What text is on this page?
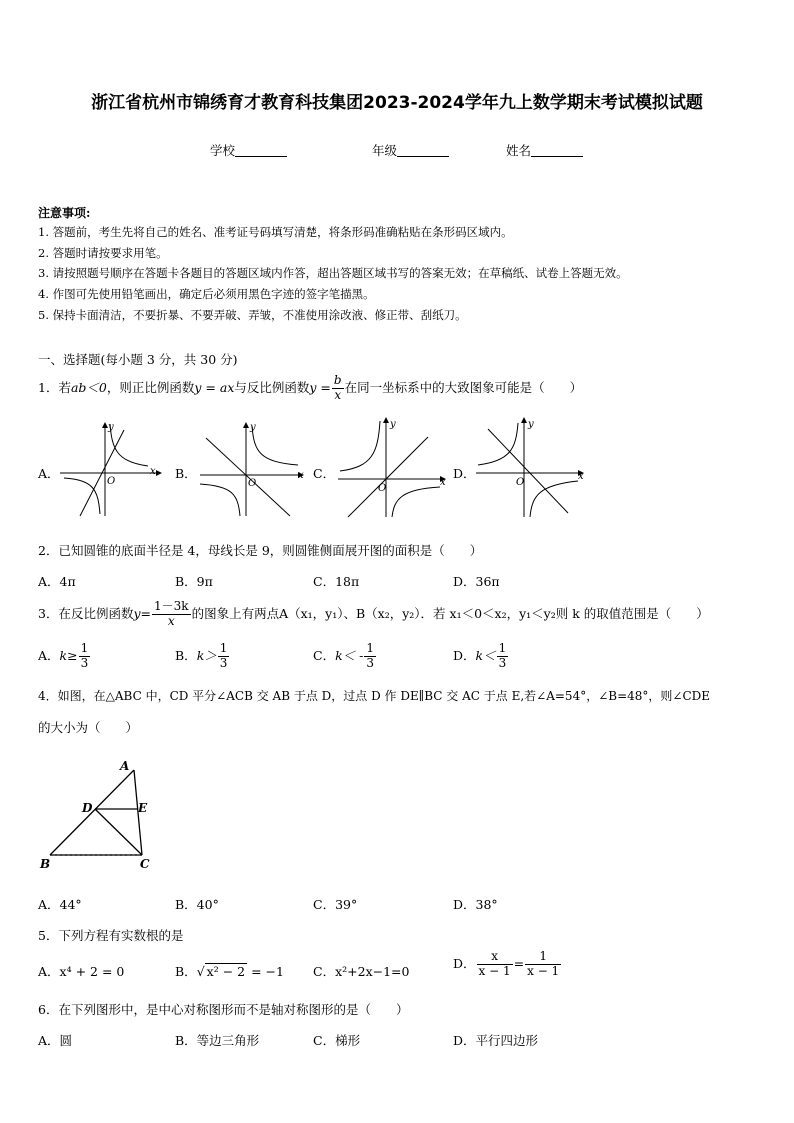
浙江省杭州市锦绣育才教育科技集团2023-2024学年九上数学期末考试模拟试题
学校	年级	姓名
注意事项:
1. 答题前，考生先将自己的姓名、准考证号码填写清楚，将条形码准确粘贴在条形码区域内。
2. 答题时请按要求用笔。
3. 请按照题号顺序在答题卡各题目的答题区域内作答，超出答题区域书写的答案无效；在草稿纸、试卷上答题无效。
4. 作图可先使用铅笔画出，确定后必须用黑色字迹的签字笔描黑。
5. 保持卡面清洁，不要折暴、不要弄破、弄皱，不准使用涂改液、修正带、刮纸刀。
一、选择题(每小题 3 分，共 30 分)
1．若ab＜0，则正比例函数y = ax与反比例函数$y = \frac{b}{x}$ 在同一坐标系中的大致图象可能是（　　）
A．	B．	C．	D．
x
y
O
x
y
O	x
y
O
x
y
O
2．已知圆锥的底面半径是 4，母线长是 9，则圆锥侧面展开图的面积是（　　）
A．4π	B．9π	C．18π	D．36π
3．在反比例函数$y= \frac{1-3k}{x}$ 的图象上有两点A（x₁，y₁）、B（x₂，y₂）．若 x₁＜0＜x₂，y₁＜y₂则 k 的取值范围是（　　）
A．$k\ge \frac{1}{3}$	B．$k> \frac{1}{3}$	C．$k< - \frac{1}{3}$	D．$k< \frac{1}{3}$
4．如图，在△ABC 中，CD 平分∠ACB 交 AB 于点 D，过点 D 作 DE∥BC 交 AC 于点 E,若∠A=54°，∠B=48°，则∠CDE
的大小为（　　）
A
D	E
B	C
A．44°	B．40°	C．39°	D．38°
5．下列方程有实数根的是
A．x⁴ + 2 = 0	B．√ x² − 2 = −1 C．x²+2x−1=0
D． $\frac{x}{x - 1} = \frac{1}{x - 1}$
6．在下列图形中，是中心对称图形而不是轴对称图形的是（　　）
A．圆	B．等边三角形	C．梯形	D．平行四边形
